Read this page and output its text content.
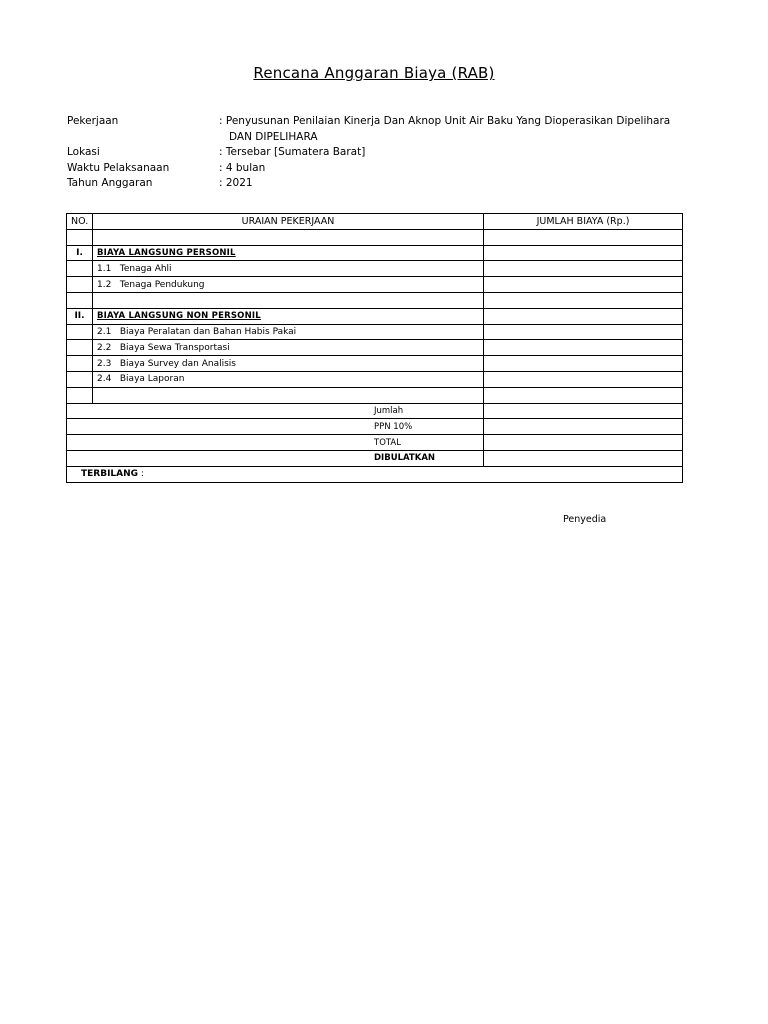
Rencana Anggaran Biaya (RAB)
Pekerjaan	: Penyusunan Penilaian Kinerja Dan Aknop Unit Air Baku Yang Dioperasikan Dipelihara
DAN DIPELIHARA
Lokasi	: Tersebar [Sumatera Barat]
Waktu Pelaksanaan	: 4 bulan
Tahun Anggaran	: 2021
NO.	URAIAN PEKERJAAN	JUMLAH BIAYA (Rp.)

I.	BIAYA LANGSUNG PERSONIL	
	1.1 Tenaga Ahli	
	1.2 Tenaga Pendukung	

II.	BIAYA LANGSUNG NON PERSONIL	
	2.1 Biaya Peralatan dan Bahan Habis Pakai	
	2.2 Biaya Sewa Transportasi	
	2.3 Biaya Survey dan Analisis	
	2.4 Biaya Laporan	

Jumlah		
PPN 10%		
TOTAL		
DIBULATKAN		
TERBILANG :		
Penyedia
